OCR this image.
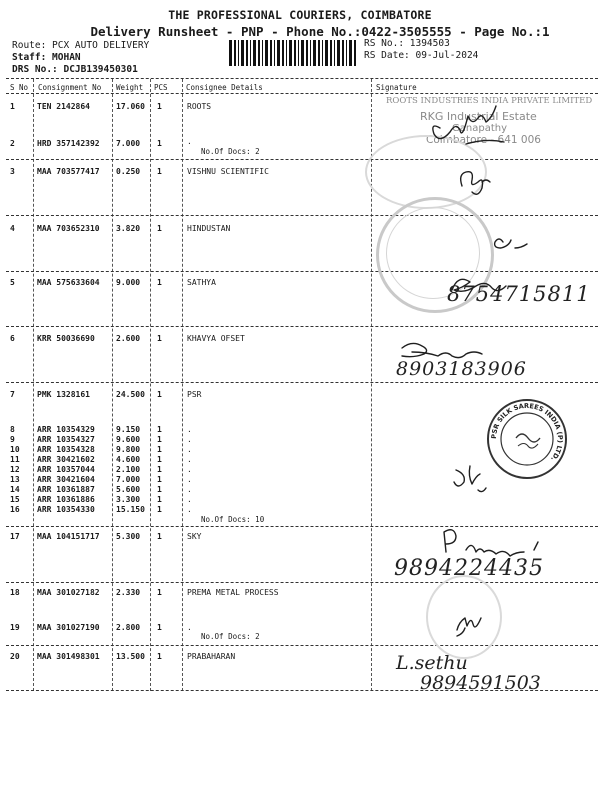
THE PROFESSIONAL COURIERS, COIMBATORE
Delivery Runsheet - PNP - Phone No.:0422-3505555 - Page No.:1
Route: PCX AUTO DELIVERY
Staff: MOHAN
DRS No.: DCJB139450301
RS No.: 1394503
RS Date: 09-Jul-2024
S No Consignment No Weight PCS Consignee Details	Signature
1	TEN 2142864	17.060 1	ROOTS
2	HRD 357142392 7.000 1	.
No.Of Docs: 2
3	MAA 703577417 0.250 1	VISHNU SCIENTIFIC
4	MAA 703652310 3.820 1	HINDUSTAN
5	MAA 575633604 9.000 1	SATHYA
6	KRR 50036690	2.600 1	KHAVYA OFSET
7	PMK 1328161	24.500 1	PSR
8	ARR 10354329	9.150 1	.
9	ARR 10354327	9.600 1	.
10 ARR 10354328	9.800 1	.
11 ARR 30421602	4.600 1	.
12 ARR 10357044	2.100 1	.
13 ARR 30421604	7.000 1	.
14 ARR 10361887	5.600 1	.
15 ARR 10361886	3.300 1	.
16 ARR 10354330	15.150 1	.
No.Of Docs: 10
17 MAA 104151717 5.300 1	SKY
18 MAA 301027182 2.330 1	PREMA METAL PROCESS
19 MAA 301027190 2.800 1	.
No.Of Docs: 2
20 MAA 301498301 13.500 1	PRABAHARAN
ROOTS INDUSTRIES INDIA PRIVATE LIMITED
RKG Industrial Estate
Ganapathy
Coimbatore - 641 006
PSR SILK SAREES INDIA (P) LTD.
8754715811
8903183906
9894224435
L.sethu
9894591503
